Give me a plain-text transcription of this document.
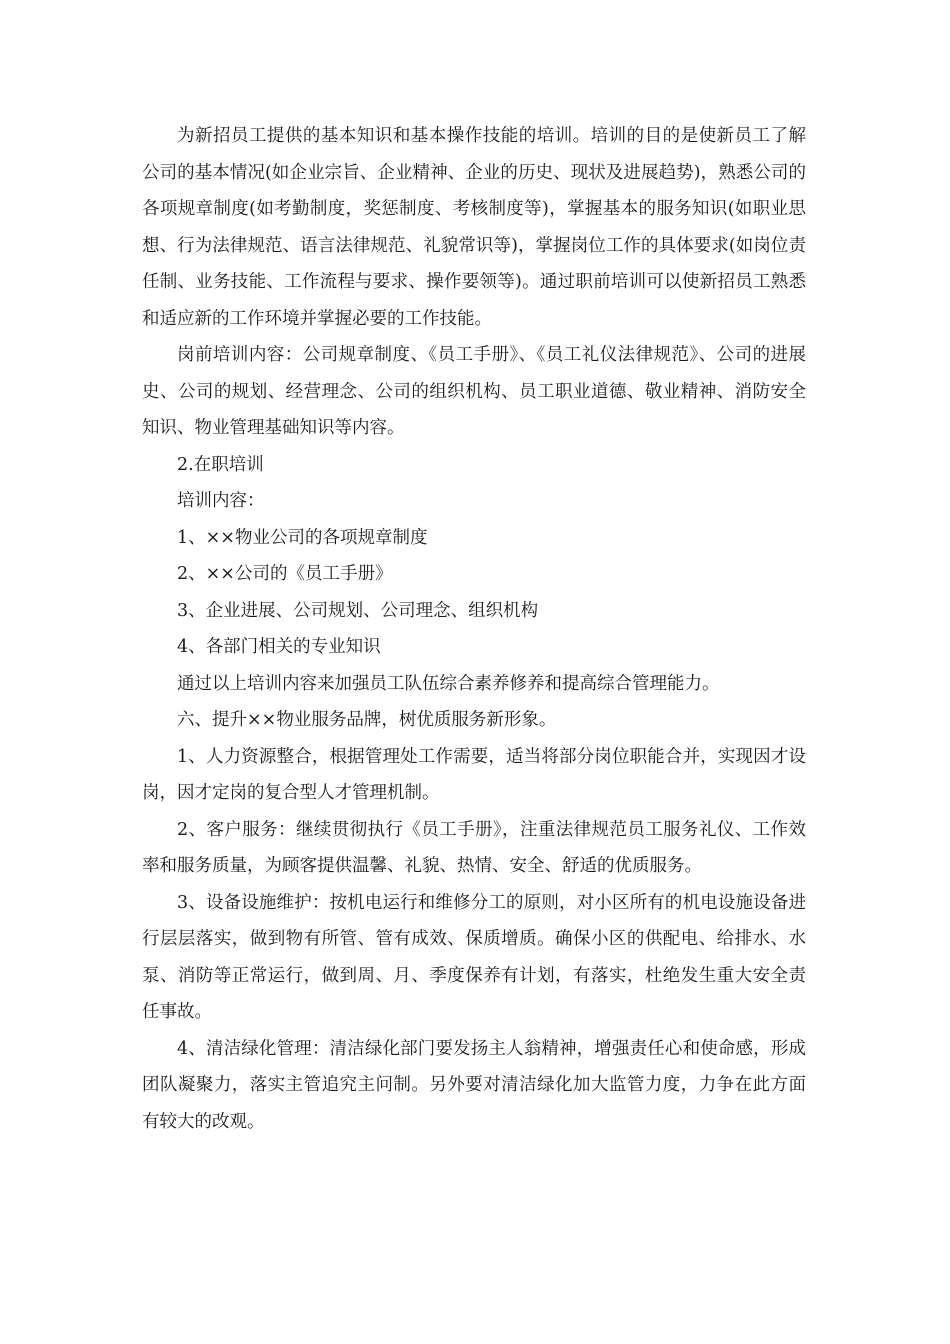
为新招员工提供的基本知识和基本操作技能的培训。培训的目的是使新员工了解公司的基本情况(如企业宗旨、企业精神、企业的历史、现状及进展趋势)，熟悉公司的各项规章制度(如考勤制度，奖惩制度、考核制度等)，掌握基本的服务知识(如职业思想、行为法律规范、语言法律规范、礼貌常识等)，掌握岗位工作的具体要求(如岗位责任制、业务技能、工作流程与要求、操作要领等)。通过职前培训可以使新招员工熟悉和适应新的工作环境并掌握必要的工作技能。

岗前培训内容：公司规章制度、《员工手册》、《员工礼仪法律规范》、公司的进展史、公司的规划、经营理念、公司的组织机构、员工职业道德、敬业精神、消防安全知识、物业管理基础知识等内容。

2.在职培训

培训内容：

1、××物业公司的各项规章制度

2、××公司的《员工手册》

3、企业进展、公司规划、公司理念、组织机构

4、各部门相关的专业知识

通过以上培训内容来加强员工队伍综合素养修养和提高综合管理能力。

六、提升××物业服务品牌，树优质服务新形象。

1、人力资源整合，根据管理处工作需要，适当将部分岗位职能合并，实现因才设岗，因才定岗的复合型人才管理机制。

2、客户服务：继续贯彻执行《员工手册》，注重法律规范员工服务礼仪、工作效率和服务质量，为顾客提供温馨、礼貌、热情、安全、舒适的优质服务。

3、设备设施维护：按机电运行和维修分工的原则，对小区所有的机电设施设备进行层层落实，做到物有所管、管有成效、保质增质。确保小区的供配电、给排水、水泵、消防等正常运行，做到周、月、季度保养有计划，有落实，杜绝发生重大安全责任事故。

4、清洁绿化管理：清洁绿化部门要发扬主人翁精神，增强责任心和使命感，形成团队凝聚力，落实主管追究主问制。另外要对清洁绿化加大监管力度，力争在此方面有较大的改观。
